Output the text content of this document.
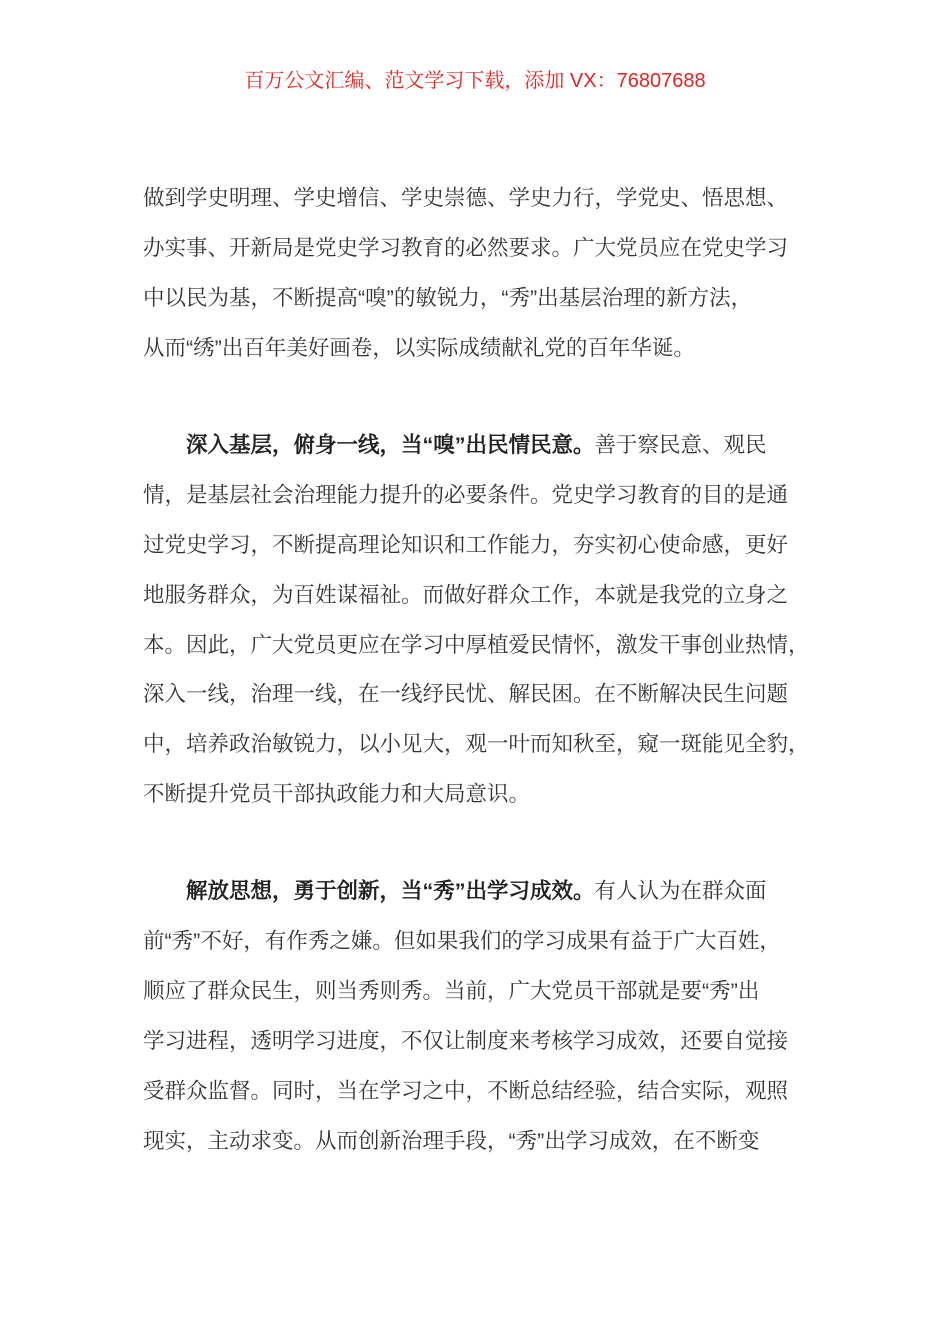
百万公文汇编、范文学习下载，添加 VX：76807688
做到学史明理、学史增信、学史崇德、学史力行，学党史、悟思想、
办实事、开新局是党史学习教育的必然要求。广大党员应在党史学习
中以民为基，不断提高“嗅”的敏锐力，“秀”出基层治理的新方法，
从而“绣”出百年美好画卷，以实际成绩献礼党的百年华诞。
深入基层，俯身一线，当“嗅”出民情民意。善于察民意、观民
情，是基层社会治理能力提升的必要条件。党史学习教育的目的是通
过党史学习，不断提高理论知识和工作能力，夯实初心使命感，更好
地服务群众，为百姓谋福祉。而做好群众工作，本就是我党的立身之
本。因此，广大党员更应在学习中厚植爱民情怀，激发干事创业热情，
深入一线，治理一线，在一线纾民忧、解民困。在不断解决民生问题
中，培养政治敏锐力，以小见大，观一叶而知秋至，窥一斑能见全豹，
不断提升党员干部执政能力和大局意识。
解放思想，勇于创新，当“秀”出学习成效。有人认为在群众面
前“秀”不好，有作秀之嫌。但如果我们的学习成果有益于广大百姓，
顺应了群众民生，则当秀则秀。当前，广大党员干部就是要“秀”出
学习进程，透明学习进度，不仅让制度来考核学习成效，还要自觉接
受群众监督。同时，当在学习之中，不断总结经验，结合实际，观照
现实，主动求变。从而创新治理手段，“秀”出学习成效，在不断变
